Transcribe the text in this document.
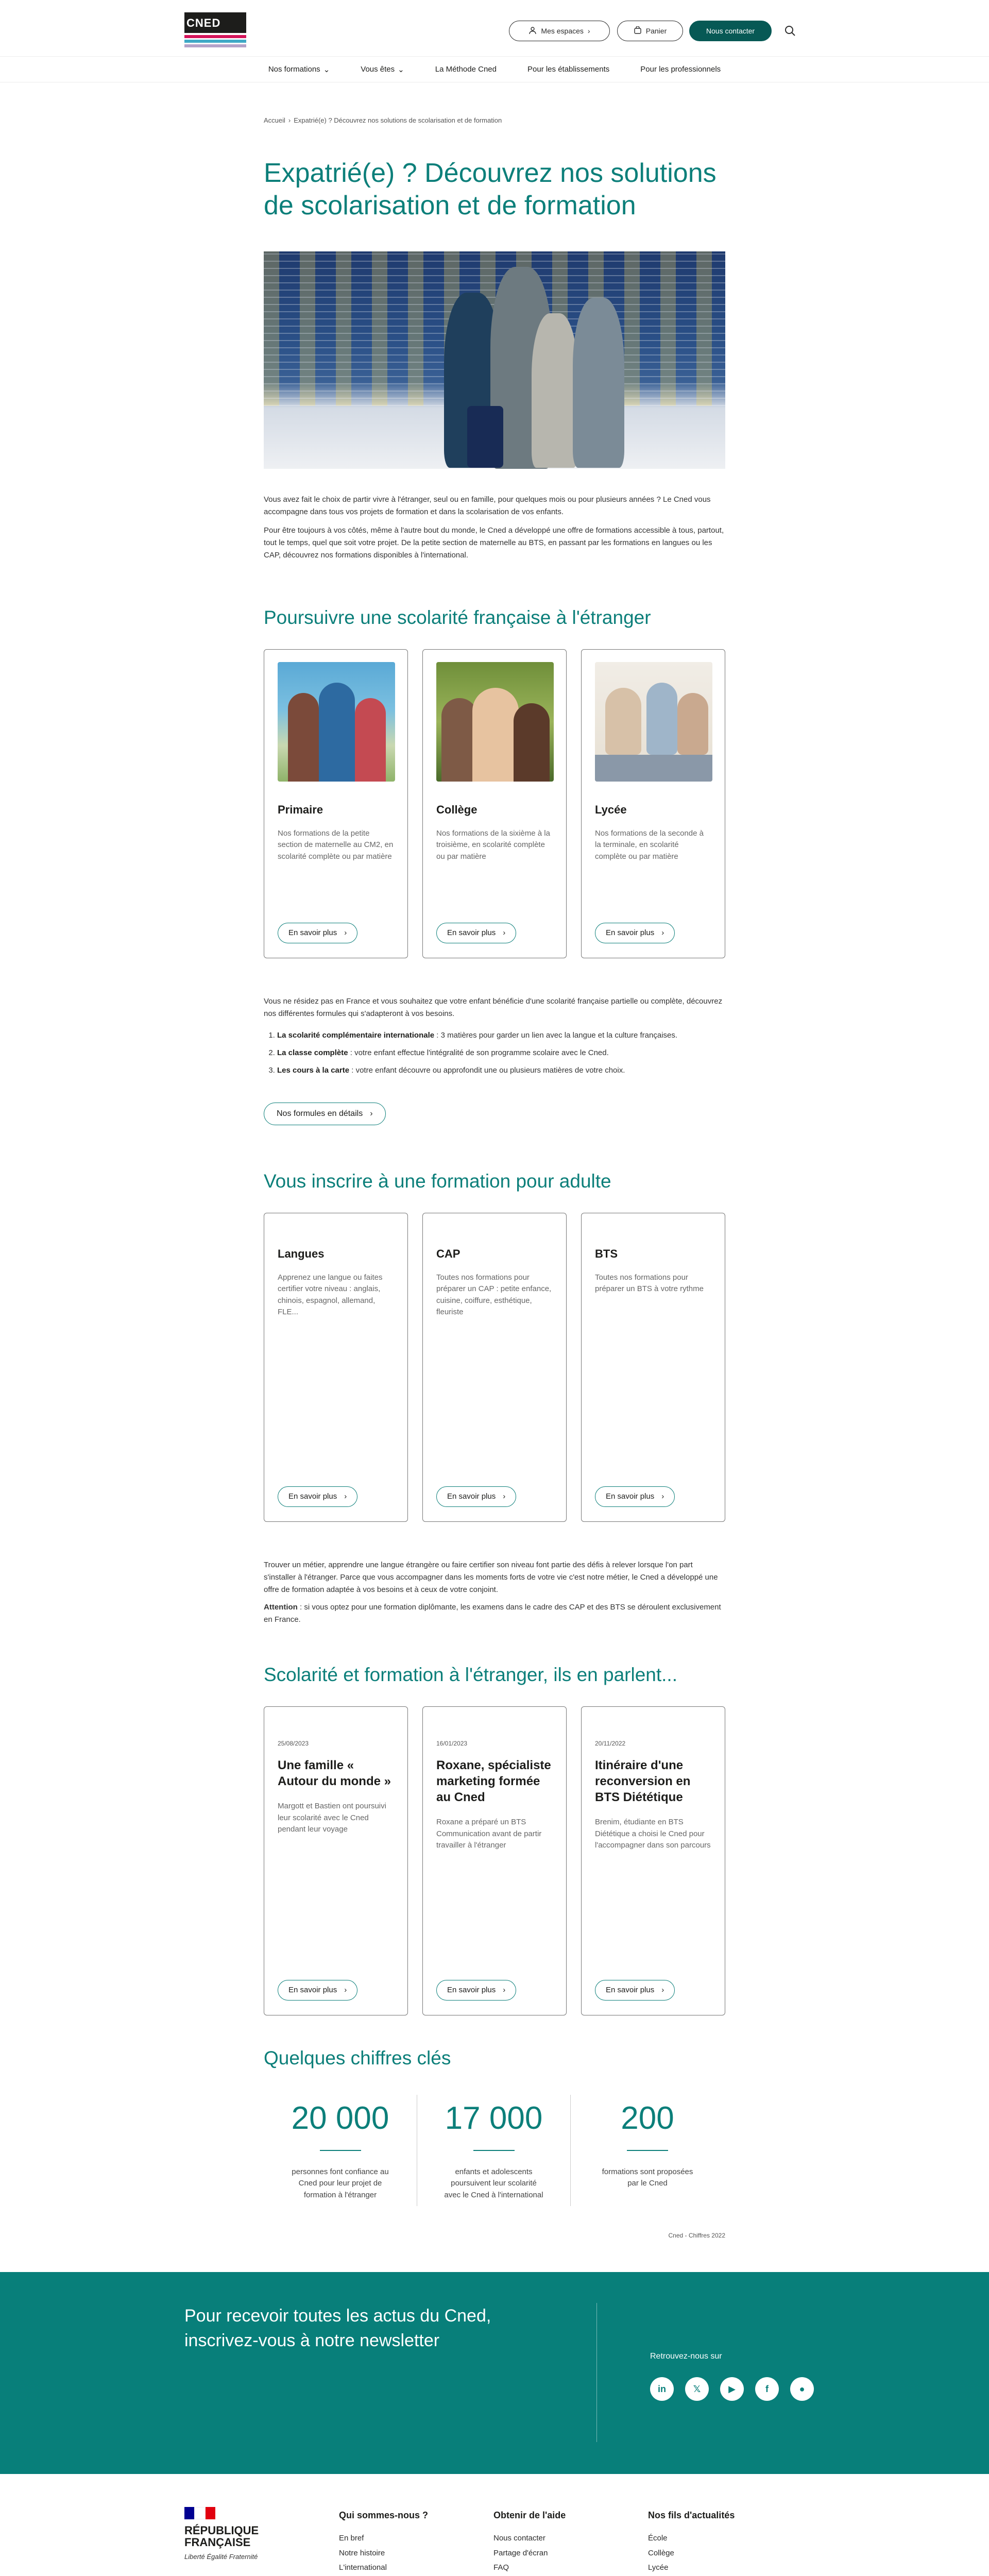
CNED
Mes espaces ›	Panier	Nous contacter
Nos formations ⌄	Vous êtes ⌄	La Méthode Cned	Pour les établissements	Pour les professionnels
Accueil › Expatrié(e) ? Découvrez nos solutions de scolarisation et de formation
Expatrié(e) ? Découvrez nos solutions
de scolarisation et de formation

Vous avez fait le choix de partir vivre à l'étranger, seul ou en famille, pour quelques mois ou pour plusieurs années ? Le Cned vous accompagne dans tous vos projets de formation et dans la scolarisation de vos enfants.

Pour être toujours à vos côtés, même à l'autre bout du monde, le Cned a développé une offre de formations accessible à tous, partout, tout le temps, quel que soit votre projet. De la petite section de maternelle au BTS, en passant par les formations en langues ou les CAP, découvrez nos formations disponibles à l'international.

Poursuivre une scolarité française à l'étranger
Primaire
Nos formations de la petite section de maternelle au CM2, en scolarité complète ou par matière
En savoir plus ›
Collège
Nos formations de la sixième à la troisième, en scolarité complète ou par matière
En savoir plus ›
Lycée
Nos formations de la seconde à la terminale, en scolarité complète ou par matière
En savoir plus ›

Vous ne résidez pas en France et vous souhaitez que votre enfant bénéficie d'une scolarité française partielle ou complète, découvrez nos différentes formules qui s'adapteront à vos besoins.

1. La scolarité complémentaire internationale : 3 matières pour garder un lien avec la langue et la culture françaises.
2. La classe complète : votre enfant effectue l'intégralité de son programme scolaire avec le Cned.
3. Les cours à la carte : votre enfant découvre ou approfondit une ou plusieurs matières de votre choix.
Nos formules en détails ›
Vous inscrire à une formation pour adulte
Langues
Apprenez une langue ou faites certifier votre niveau : anglais, chinois, espagnol, allemand, FLE...
En savoir plus ›
CAP
Toutes nos formations pour préparer un CAP : petite enfance, cuisine, coiffure, esthétique, fleuriste
En savoir plus ›
BTS
Toutes nos formations pour préparer un BTS à votre rythme
En savoir plus ›

Trouver un métier, apprendre une langue étrangère ou faire certifier son niveau font partie des défis à relever lorsque l'on part s'installer à l'étranger. Parce que vous accompagner dans les moments forts de votre vie c'est notre métier, le Cned a développé une offre de formation adaptée à vos besoins et à ceux de votre conjoint.

Attention : si vous optez pour une formation diplômante, les examens dans le cadre des CAP et des BTS se déroulent exclusivement en France.

Scolarité et formation à l'étranger, ils en parlent...
25/08/2023
Une famille « Autour du monde »
Margott et Bastien ont poursuivi leur scolarité avec le Cned pendant leur voyage
En savoir plus ›
16/01/2023
Roxane, spécialiste marketing formée au Cned
Roxane a préparé un BTS Communication avant de partir travailler à l'étranger
En savoir plus ›
20/11/2022
Itinéraire d'une reconversion en BTS Diététique
Brenim, étudiante en BTS Diététique a choisi le Cned pour l'accompagner dans son parcours
En savoir plus ›
Quelques chiffres clés
20 000
personnes font confiance au Cned pour leur projet de formation à l'étranger
17 000
enfants et adolescents poursuivent leur scolarité avec le Cned à l'international
200
formations sont proposées par le Cned
Cned - Chiffres 2022
Pour recevoir toutes les actus du Cned, inscrivez-vous à notre newsletter
Retrouvez-nous sur
in	𝕏	▶	f	●
RÉPUBLIQUE FRANÇAISE
Liberté Égalité Fraternité
Qui sommes-nous ?
En bref
Notre histoire
L'international
Obtenir de l'aide
Nous contacter
Partage d'écran
FAQ
Nos fils d'actualités
École
Collège
Lycée
